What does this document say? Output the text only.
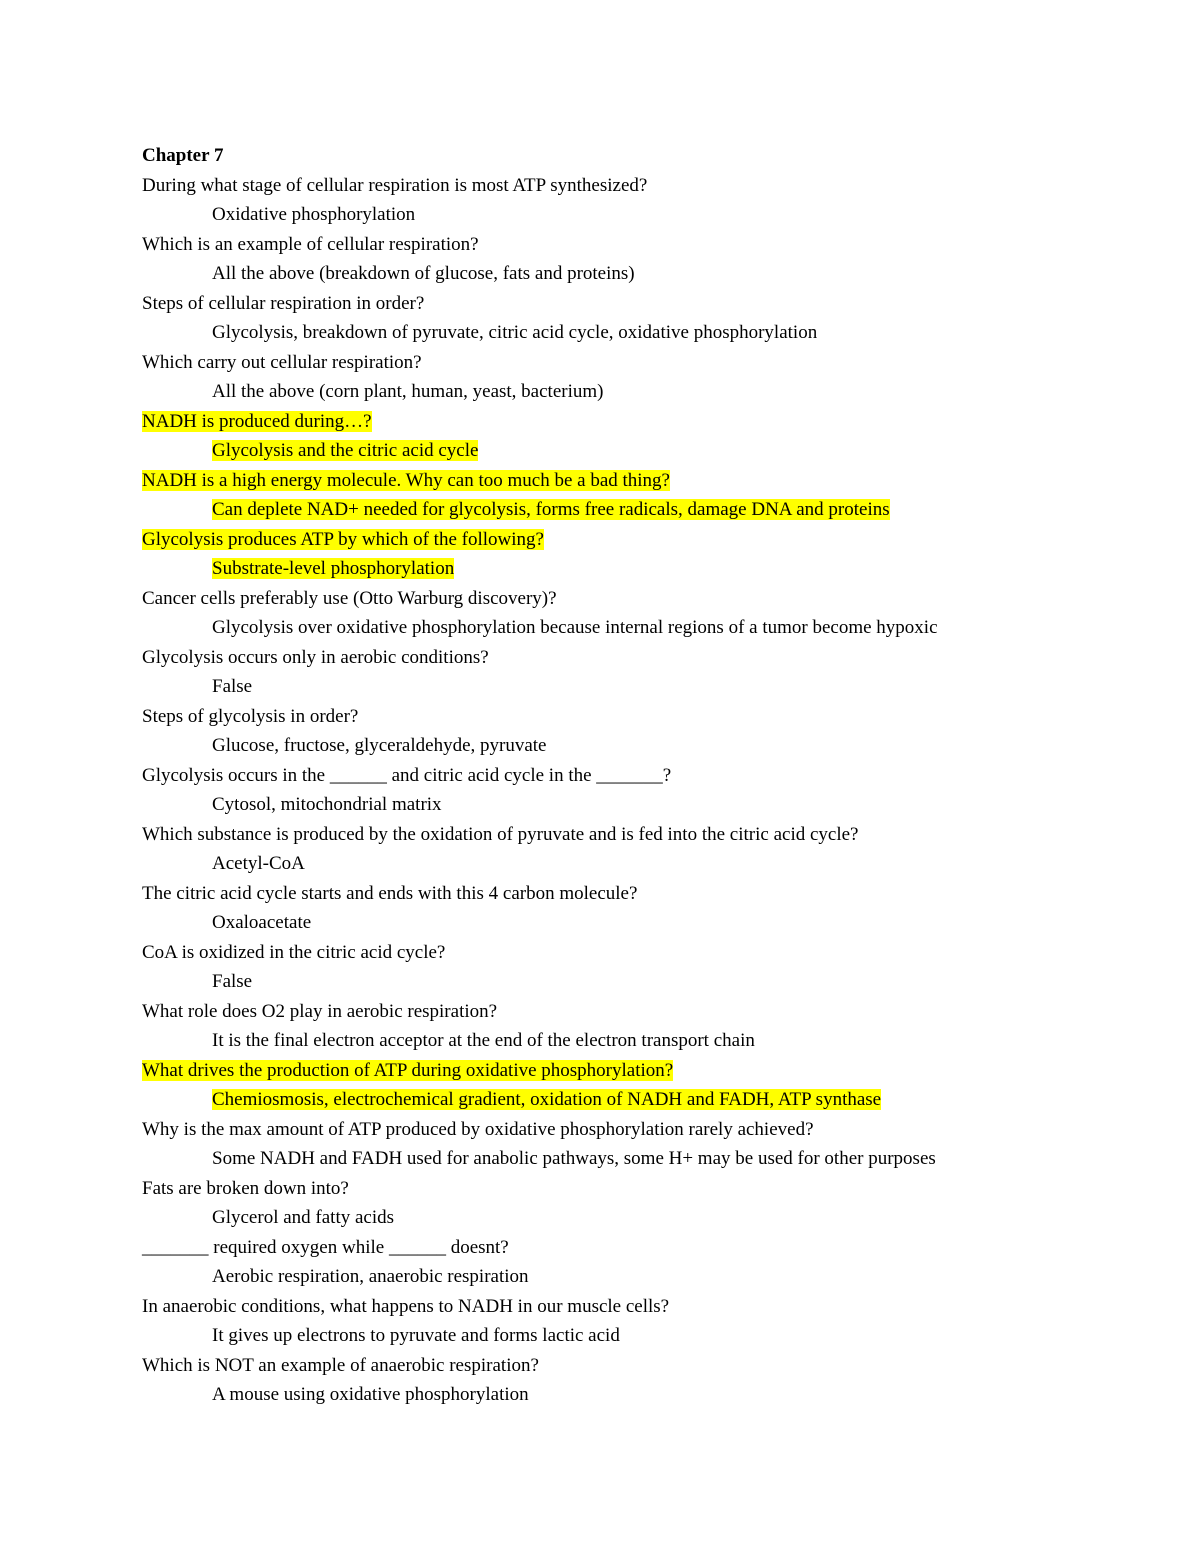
Chapter 7
During what stage of cellular respiration is most ATP synthesized?
Oxidative phosphorylation
Which is an example of cellular respiration?
All the above (breakdown of glucose, fats and proteins)
Steps of cellular respiration in order?
Glycolysis, breakdown of pyruvate, citric acid cycle, oxidative phosphorylation
Which carry out cellular respiration?
All the above (corn plant, human, yeast, bacterium)
NADH is produced during…?
Glycolysis and the citric acid cycle
NADH is a high energy molecule. Why can too much be a bad thing?
Can deplete NAD+ needed for glycolysis, forms free radicals, damage DNA and proteins
Glycolysis produces ATP by which of the following?
Substrate-level phosphorylation
Cancer cells preferably use (Otto Warburg discovery)?
Glycolysis over oxidative phosphorylation because internal regions of a tumor become hypoxic
Glycolysis occurs only in aerobic conditions?
False
Steps of glycolysis in order?
Glucose, fructose, glyceraldehyde, pyruvate
Glycolysis occurs in the ______ and citric acid cycle in the _______?
Cytosol, mitochondrial matrix
Which substance is produced by the oxidation of pyruvate and is fed into the citric acid cycle?
Acetyl-CoA
The citric acid cycle starts and ends with this 4 carbon molecule?
Oxaloacetate
CoA is oxidized in the citric acid cycle?
False
What role does O2 play in aerobic respiration?
It is the final electron acceptor at the end of the electron transport chain
What drives the production of ATP during oxidative phosphorylation?
Chemiosmosis, electrochemical gradient, oxidation of NADH and FADH, ATP synthase
Why is the max amount of ATP produced by oxidative phosphorylation rarely achieved?
Some NADH and FADH used for anabolic pathways, some H+ may be used for other purposes
Fats are broken down into?
Glycerol and fatty acids
_______ required oxygen while ______ doesnt?
Aerobic respiration, anaerobic respiration
In anaerobic conditions, what happens to NADH in our muscle cells?
It gives up electrons to pyruvate and forms lactic acid
Which is NOT an example of anaerobic respiration?
A mouse using oxidative phosphorylation
